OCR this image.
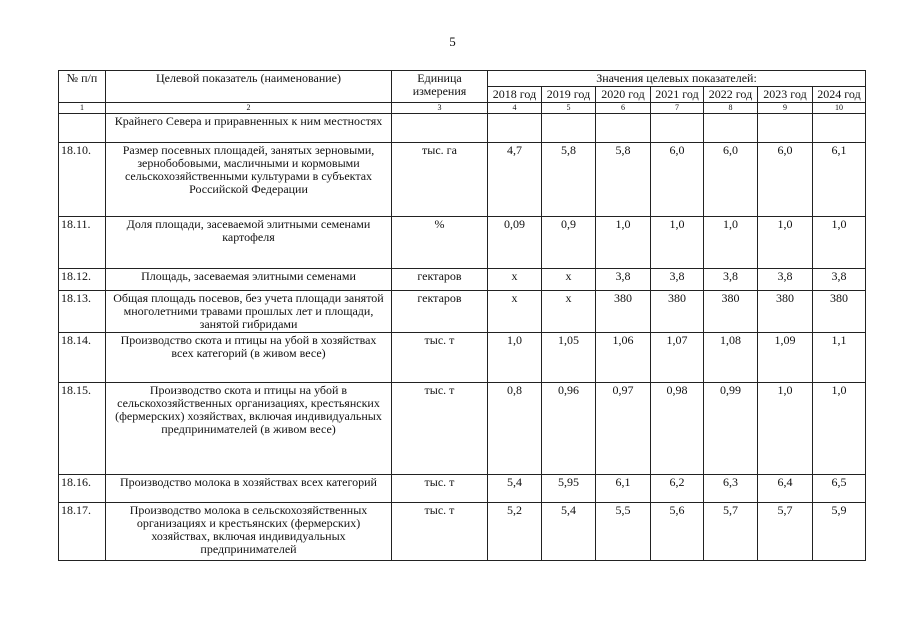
5
№ п/п	Целевой показатель (наименование)	Единица измерения	Значения целевых показателей:						
			2018 год	2019 год	2020 год	2021 год	2022 год	2023 год	2024 год
1	2	3	4	5	6	7	8	9	10
	Крайнего Севера и приравненных к ним местностях								
18.10.	Размер посевных площадей, занятых зерновыми, зернобобовыми, масличными и кормовыми сельскохозяйственными культурами в субъектах Российской Федерации	тыс. га	4,7	5,8	5,8	6,0	6,0	6,0	6,1
18.11.	Доля площади, засеваемой элитными семенами картофеля	%	0,09	0,9	1,0	1,0	1,0	1,0	1,0
18.12.	Площадь, засеваемая элитными семенами	гектаров	х	х	3,8	3,8	3,8	3,8	3,8
18.13.	Общая площадь посевов, без учета площади занятой многолетними травами прошлых лет и площади, занятой гибридами	гектаров	х	х	380	380	380	380	380
18.14.	Производство скота и птицы на убой в хозяйствах всех категорий (в живом весе)	тыс. т	1,0	1,05	1,06	1,07	1,08	1,09	1,1
18.15.	Производство скота и птицы на убой в сельскохозяйственных организациях, крестьянских (фермерских) хозяйствах, включая индивидуальных предпринимателей (в живом весе)	тыс. т	0,8	0,96	0,97	0,98	0,99	1,0	1,0
18.16.	Производство молока в хозяйствах всех категорий	тыс. т	5,4	5,95	6,1	6,2	6,3	6,4	6,5
18.17.	Производство молока в сельскохозяйственных организациях и крестьянских (фермерских) хозяйствах, включая индивидуальных предпринимателей	тыс. т	5,2	5,4	5,5	5,6	5,7	5,7	5,9
